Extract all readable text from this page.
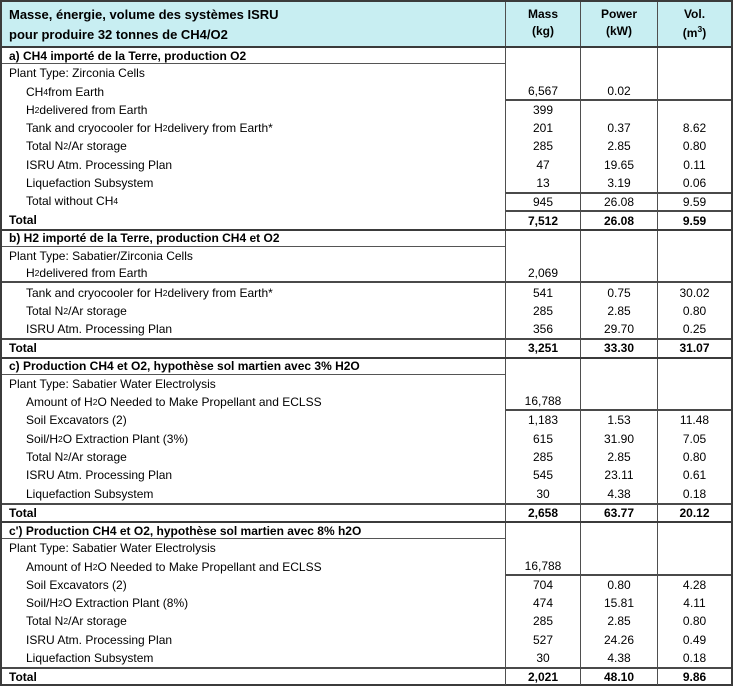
Masse, énergie, volume des systèmes ISRU
pour produire 32 tonnes de CH4/O2
Mass
(kg)
Power
(kW)
Vol.
$(m^3)$
a) CH4 importé de la Terre, production O2
Plant Type: Zirconia Cells
CH 4 from Earth	6,567	0.02
H 2 delivered from Earth	399
Tank and cryocooler for H 2 delivery from Earth*	201	0.37	8.62
Total N 2 /Ar storage	285	2.85	0.80
ISRU Atm. Processing Plan	47	19.65	0.11
Liquefaction Subsystem	13	3.19	0.06
Total without CH 4	945	26.08	9.59
Total	7,512	26.08	9.59
b) H2 importé de la Terre, production CH4 et O2
Plant Type: Sabatier/Zirconia Cells
H 2 delivered from Earth	2,069
Tank and cryocooler for H 2 delivery from Earth*	541	0.75	30.02
Total N 2 /Ar storage	285	2.85	0.80
ISRU Atm. Processing Plan	356	29.70	0.25
Total	3,251	33.30	31.07
c) Production CH4 et O2, hypothèse sol martien avec 3% H2O
Plant Type: Sabatier Water Electrolysis
Amount of H 2 O Needed to Make Propellant and ECLSS	16,788
Soil Excavators (2)	1,183	1.53	11.48
Soil/H 2 O Extraction Plant (3%)	615	31.90	7.05
Total N 2 /Ar storage	285	2.85	0.80
ISRU Atm. Processing Plan	545	23.11	0.61
Liquefaction Subsystem	30	4.38	0.18
Total	2,658	63.77	20.12
c') Production CH4 et O2, hypothèse sol martien avec 8% h2O
Plant Type: Sabatier Water Electrolysis
Amount of H 2 O Needed to Make Propellant and ECLSS	16,788
Soil Excavators (2)	704	0.80	4.28
Soil/H 2 O Extraction Plant (8%)	474	15.81	4.11
Total N 2 /Ar storage	285	2.85	0.80
ISRU Atm. Processing Plan	527	24.26	0.49
Liquefaction Subsystem	30	4.38	0.18
Total	2,021	48.10	9.86
